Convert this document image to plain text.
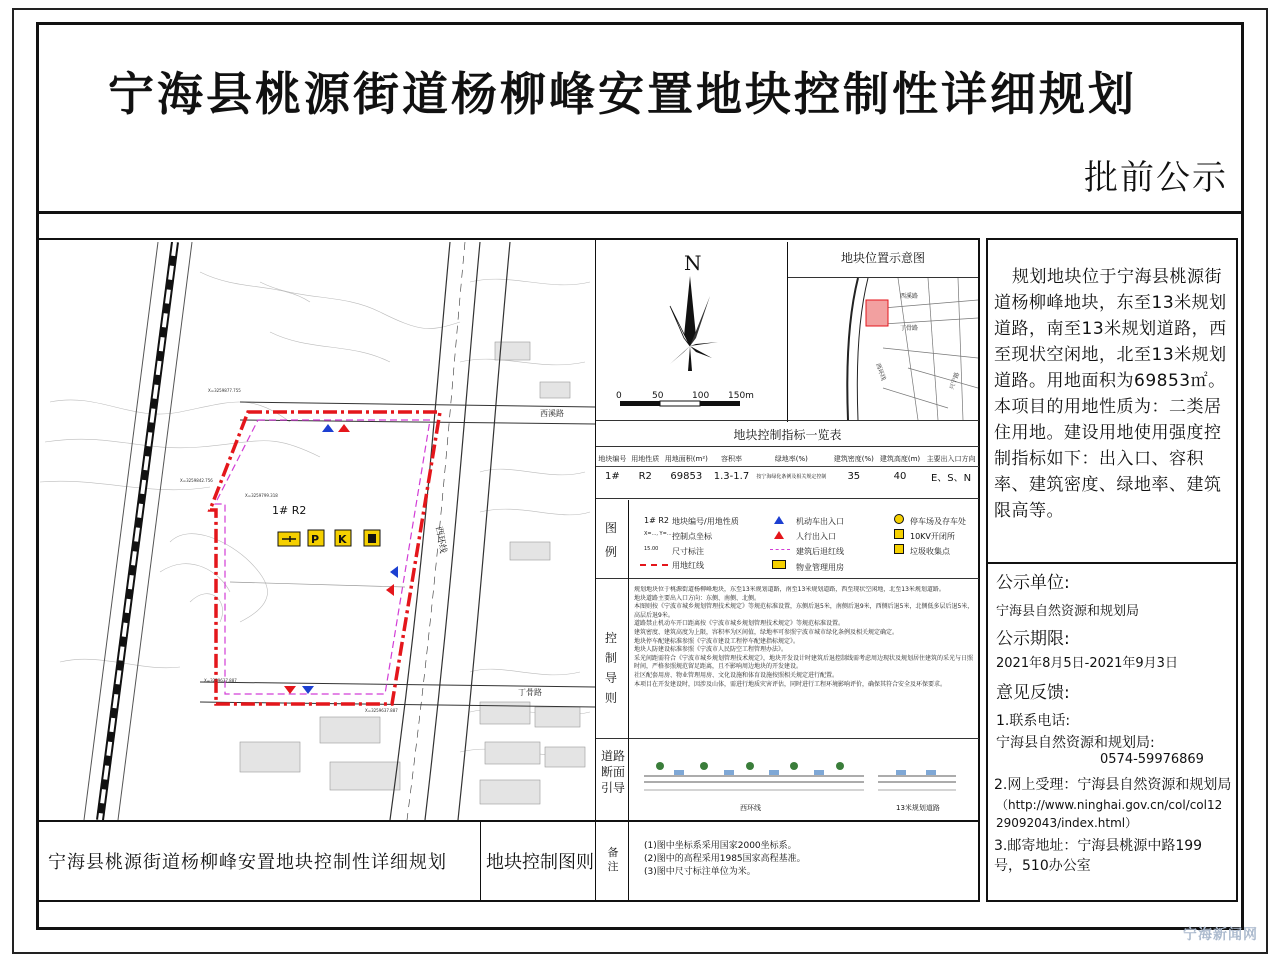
宁海县桃源街道杨柳峰安置地块控制性详细规划
批前公示
1# R2
西溪路
西环线
丁骨路
X=3259877.755
X=3259842.756
X=3259799.318
X=3259637.887
X=3259637.887
P K
N
0	50	100 150m
地块位置示意图
西溪路
丁骨路
西环线	兴宁路
地块控制指标一览表
地块编号	用地性质	用地面积(m²)	容积率	绿地率(%)	建筑密度(%)	建筑高度(m)	主要出入口方向
1#	R2	69853	1.3-1.7	按宁海绿化条例及相关规定控制	35	40	E、S、N
图例
1# R2 地块编号/用地性质
X=..., Y=... 控制点坐标
15.00 尺寸标注
用地红线
机动车出入口
人行出入口
建筑后退红线
物业管理用房
停车场及存车处
10KV开闭所
垃圾收集点
控制导则
规划地块位于桃源街道杨柳峰地块，东至13米规划道路，南至13米规划道路，西至现状空闲地，北至13米规划道路。
地块道路主要出入口方向：东侧、南侧、北侧。
本图则按《宁波市城乡规划管理技术规定》等规范标准设置，东侧后退5米，南侧后退9米，西侧后退5米，北侧低多层后退5米，高层后退9米。
道路禁止机动车开口距离按《宁波市城乡规划管理技术规定》等规范标准设置。
建筑密度、建筑高度为上限，容积率为区间值，绿地率可参照宁波市城市绿化条例及相关规定确定。
地块停车配建标准参照《宁波市建设工程停车配建指标规定》。
地块人防建设标准参照《宁波市人民防空工程管理办法》。
采光间距需符合《宁波市城乡规划管理技术规定》，地块开发设计时建筑后退控制线需考虑周边现状及规划居住建筑的采光与日照时间，严格参照规范留足距离，且不影响周边地块的开发建设。
社区配套用房、物业管理用房、文化设施和体育设施按照相关规定进行配置。
本项目在开发建设时，因涉及山体，需进行地质灾害评估，同时进行工程环境影响评价，确保其符合安全及环保要求。
道路断面引导
西环线	13米规划道路
宁海县桃源街道杨柳峰安置地块控制性详细规划 地块控制图则	备注
(1)图中坐标系采用国家2000坐标系。
(2)图中的高程采用1985国家高程基准。
(3)图中尺寸标注单位为米。
规划地块位于宁海县桃源街道杨柳峰地块，东至13米规划道路，南至13米规划道路，西至现状空闲地，北至13米规划道路。用地面积为69853㎡。本项目的用地性质为：二类居住用地。建设用地使用强度控制指标如下：出入口、容积率、建筑密度、绿地率、建筑限高等。
公示单位:
宁海县自然资源和规划局
公示期限:
2021年8月5日-2021年9月3日
意见反馈:
1.联系电话:
宁海县自然资源和规划局:
0574-59976869
2.网上受理：宁海县自然资源和规划局
（http://www.ninghai.gov.cn/col/col1229092043/index.html）
3.邮寄地址：宁海县桃源中路199号，510办公室
宁海新闻网
